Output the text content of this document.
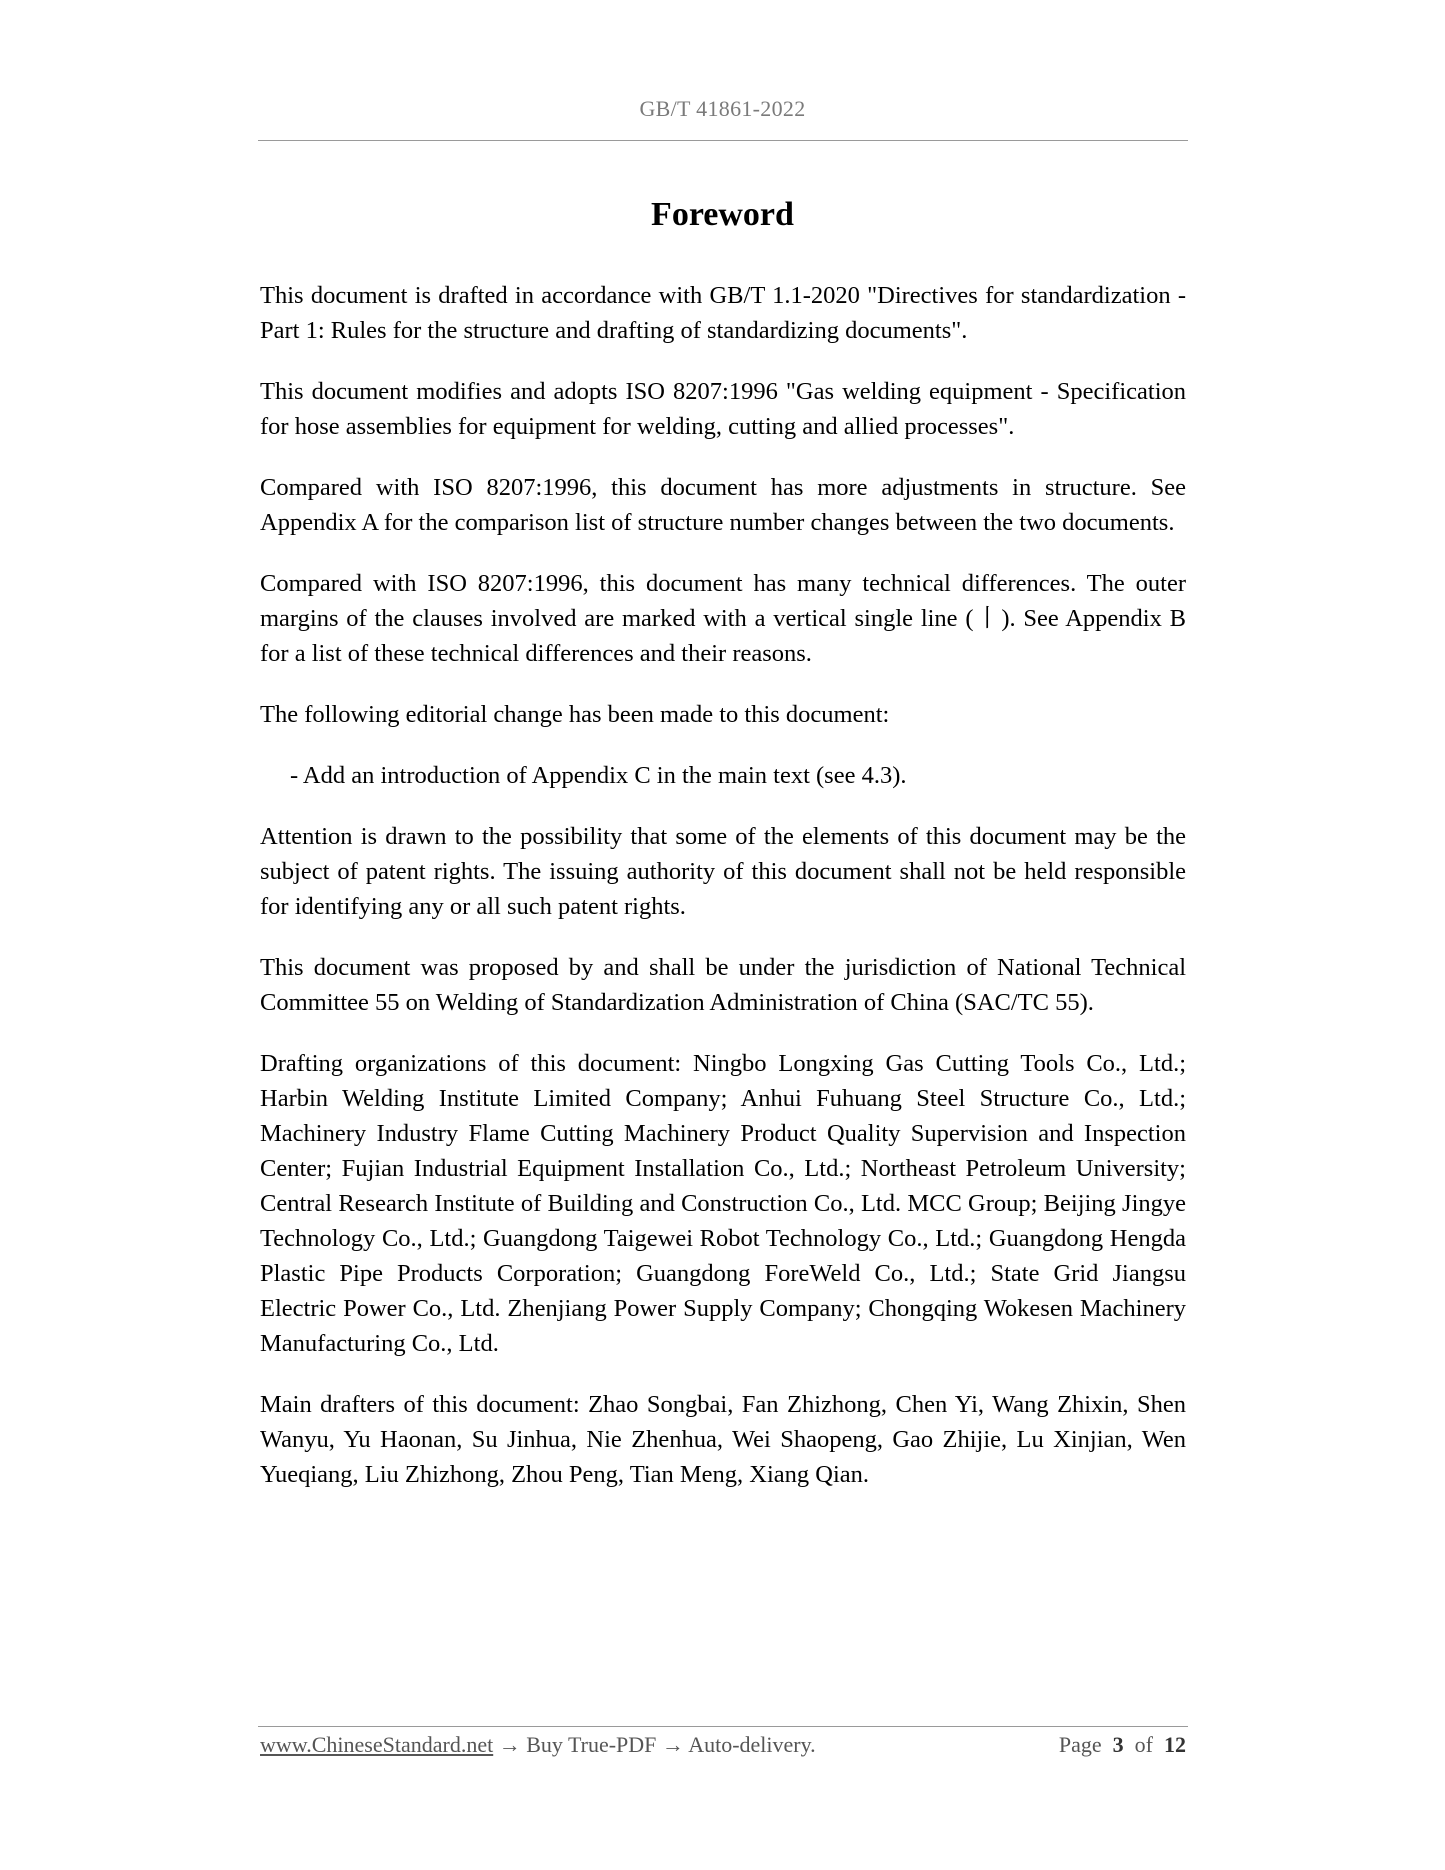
GB/T 41861-2022
Foreword

This document is drafted in accordance with GB/T 1.1-2020 "Directives for standardization - Part 1: Rules for the structure and drafting of standardizing documents".

This document modifies and adopts ISO 8207:1996 "Gas welding equipment - Specification for hose assemblies for equipment for welding, cutting and allied processes".

Compared with ISO 8207:1996, this document has more adjustments in structure. See Appendix A for the comparison list of structure number changes between the two documents.

Compared with ISO 8207:1996, this document has many technical differences. The outer margins of the clauses involved are marked with a vertical single line (丨). See Appendix B for a list of these technical differences and their reasons.

The following editorial change has been made to this document:

- Add an introduction of Appendix C in the main text (see 4.3).

Attention is drawn to the possibility that some of the elements of this document may be the subject of patent rights. The issuing authority of this document shall not be held responsible for identifying any or all such patent rights.

This document was proposed by and shall be under the jurisdiction of National Technical Committee 55 on Welding of Standardization Administration of China (SAC/TC 55).

Drafting organizations of this document: Ningbo Longxing Gas Cutting Tools Co., Ltd.; Harbin Welding Institute Limited Company; Anhui Fuhuang Steel Structure Co., Ltd.; Machinery Industry Flame Cutting Machinery Product Quality Supervision and Inspection Center; Fujian Industrial Equipment Installation Co., Ltd.; Northeast Petroleum University; Central Research Institute of Building and Construction Co., Ltd. MCC Group; Beijing Jingye Technology Co., Ltd.; Guangdong Taigewei Robot Technology Co., Ltd.; Guangdong Hengda Plastic Pipe Products Corporation; Guangdong ForeWeld Co., Ltd.; State Grid Jiangsu Electric Power Co., Ltd. Zhenjiang Power Supply Company; Chongqing Wokesen Machinery Manufacturing Co., Ltd.

Main drafters of this document: Zhao Songbai, Fan Zhizhong, Chen Yi, Wang Zhixin, Shen Wanyu, Yu Haonan, Su Jinhua, Nie Zhenhua, Wei Shaopeng, Gao Zhijie, Lu Xinjian, Wen Yueqiang, Liu Zhizhong, Zhou Peng, Tian Meng, Xiang Qian.

www.ChineseStandard.net → Buy True-PDF → Auto-delivery.	Page 3 of 12
